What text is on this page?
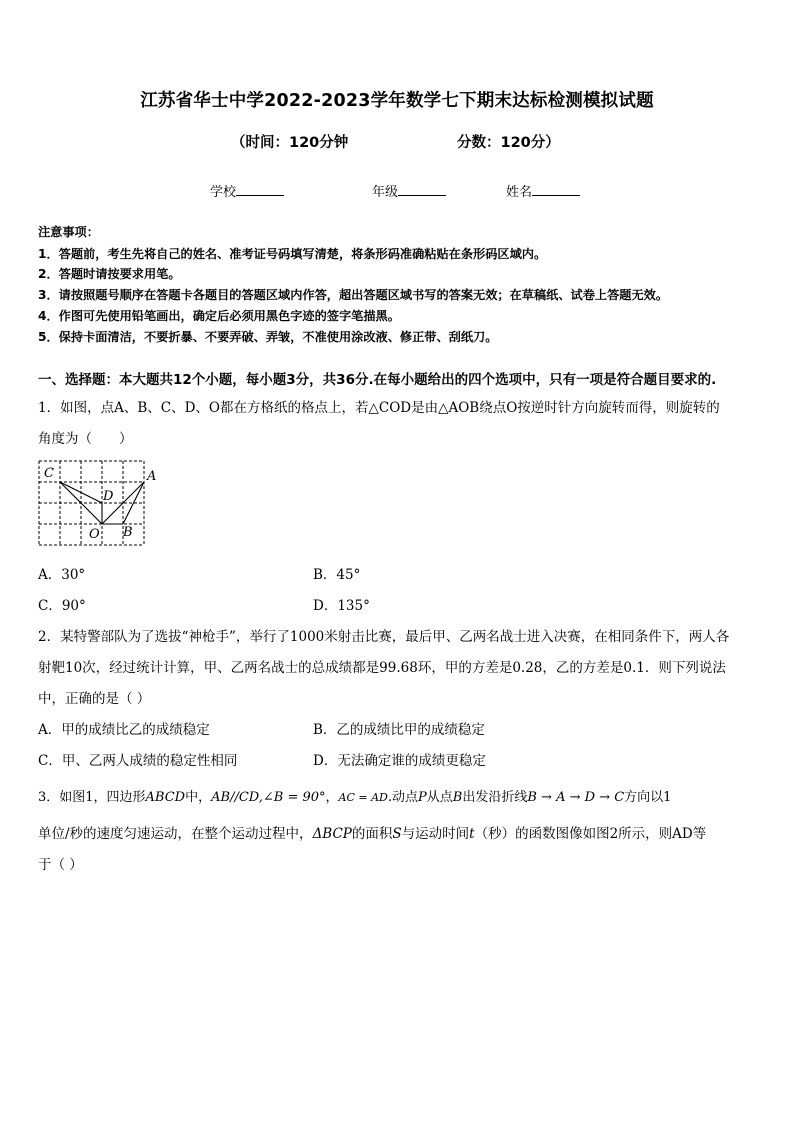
江苏省华士中学2022-2023学年数学七下期末达标检测模拟试题
（时间：120分钟	分数：120分）
学校	年级	姓名
注意事项：
1．答题前，考生先将自己的姓名、准考证号码填写清楚，将条形码准确粘贴在条形码区域内。
2．答题时请按要求用笔。
3．请按照题号顺序在答题卡各题目的答题区域内作答，超出答题区域书写的答案无效；在草稿纸、试卷上答题无效。
4．作图可先使用铅笔画出，确定后必须用黑色字迹的签字笔描黑。
5．保持卡面清洁，不要折暴、不要弄破、弄皱，不准使用涂改液、修正带、刮纸刀。
一、选择题：本大题共12个小题，每小题3分，共36分.在每小题给出的四个选项中，只有一项是符合题目要求的.
1．如图，点A、B、C、D、O都在方格纸的格点上，若△COD是由△AOB绕点O按逆时针方向旋转而得，则旋转的
角度为（　　）
C	A
D
O B
A．30°	B．45°
C．90°	D．135°
2．某特警部队为了选拔“神枪手”，举行了1000米射击比赛，最后甲、乙两名战士进入决赛，在相同条件下，两人各
射靶10次，经过统计计算，甲、乙两名战士的总成绩都是99.68环，甲的方差是0.28，乙的方差是0.1．则下列说法
中，正确的是（ ）
A．甲的成绩比乙的成绩稳定	B．乙的成绩比甲的成绩稳定
C．甲、乙两人成绩的稳定性相同	D．无法确定谁的成绩更稳定
3．如图1，四边形ABCD中，AB//CD,∠B = 90°，AC = AD.动点P从点B出发沿折线B → A → D → C方向以1
单位/秒的速度匀速运动，在整个运动过程中，ΔBCP的面积S与运动时间t（秒）的函数图像如图2所示，则AD等
于（ ）
